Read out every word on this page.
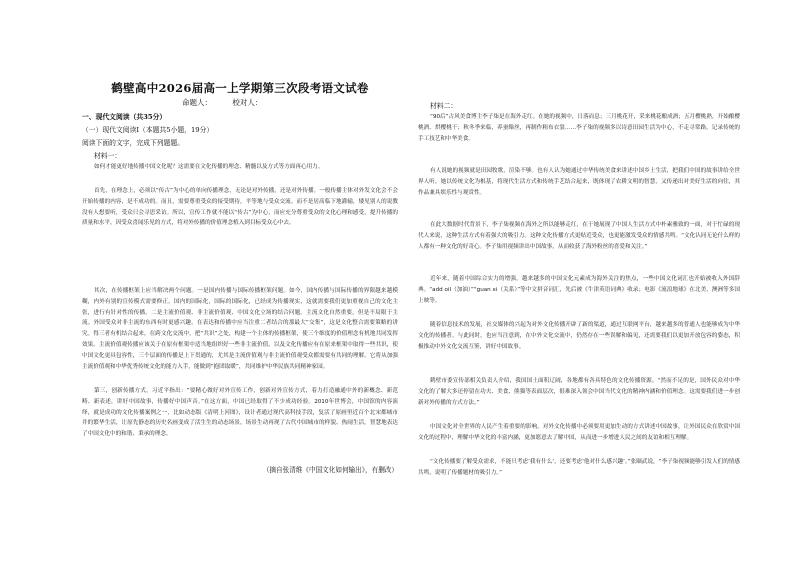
鹤壁高中2026届高一上学期第三次段考语文试卷
命题人：	校对人：
一、现代文阅读（共35分）
（一）现代文阅读Ⅰ（本题共5小题，19分）
阅读下面的文字，完成下列题题。
材料一：
如何才能更好地传播中国文化呢？这需要在文化传播的理念、精髓以及方式等方面再心用力。
首先，在理念上，必须以“传古”为中心的单向传播理念，无论是对外传播，还是对外传播。一般传播主体对外发文化会不会开始传播的内容，是不成功的。而且，需要尊重受众的接受期待，平等地与受众交流。而不是居高临下地灌输，矮见别人的说教没有人想要听，受众只会寻思采访。所以，宣传工作就不能以“传古”为中心，而应充分尊重受众的文化心理和感受，提升传播的质量和水平，因受众喜闻乐见的方式，将对外传播的价值理念植入到目标受众心中去。
其次，在传播框架上应当解决两个问题。一是国内传播与国际传播框架问题。如今，国内传播与国际传播的界限越来越模糊，内外有别的宣传模式需要修正。国内的国际化，国际的国际化，已经成为传播现实，这就需要我们更加重视自己的文化主张，进行有针对性的传播。二是主流价值观、非主流价值观、中国文化立场的结合问题。主流文化自然重要，但是不局限于主流。外国受众对非主流的东西有时更感兴趣，在表达和传播中应当注重二者结合的那最大“交集”，这是文化整合需要策略的讲究。得三者有机结合起来，在跨文化交流中，把“共识”之处，构建一个主体的传播框架，使三个维度的价值理念有机地共同发挥效果。主流价值观传播应该关于在原有框架中适当地组织好一些非主流价值，以及文化传播应有在原来框架中取得一些共识，使中国文化更具包容性，三个层面的传播是上下贯通的，尤其是主流价值观与非主流价值观受众都需要有共同的理解。它将从加强主流价值观和中华优秀传统文化的能力入手，能做到“抱团取暖”，共同维护中华民族共同精神家园。
第三，创新传播方式，习近平指出：“要精心做好对外宣传工作，创新对外宣传方式，着力打造融通中外的新概念、新范畴、新表述，讲好中国故事，传播好中国声音。”在这方面，中国已经取得了不少成功经验。2010年世博会，中国馆的内容演绎，就是成功的文化传播案例之一，比如动态版《清明上河图》，设计者通过现代高科技手段，复活了原画里近百个北宋都城市井的繁华生活，让原先静态的历史名画变成了活生生的动态场景，场景生动再现了古代中国城市的样貌、热闹生活，智慧地表达了中国文化中的和谐、秉承的理念。
（摘自张清维《中国文化如何输出》，有删改）
材料二：
“90后”古风美食博主李子柒是在海外走红。在她的视频中，日落而息；三月桃花开，采来桃花酿成酒；五月樱桃熟，开始酿樱桃酒、烘樱桃干；秋冬季来临，养蚕缫丝，再制作粗布衣裳……李子柒的视频多以诗意田园生活为中心，不走寻常路，记录传统的手工技艺和中华美食。
有人说她的视频就是田园牧歌，渲染不够。也有人认为她通过中华传统美食来讲述中国乡土生活，把我们中国的故事讲给全世界人听。她以传统文化为根基，将现代生活方式和传统手艺结合起来，既体现了农耕文明的智慧，又传递出对美好生活的向往，其作品兼具娱乐性与观赏性。
在此大数据时代背景下，李子柒视频在海外之所以能够走红，在于她展现了中国人生活方式中朴素雅致的一面，对于忙碌的现代人来说，这种生活方式有着强大的吸引力。这种文化传播方式更贴近受众，也更能激发受众的情感共鸣。“文化认同无论什么样的人都有一种文化的好奇心。李子柒用视频讲出中国故事，从而收获了海外粉丝的喜爱和关注。”
近年来，随着中国综合实力的增强，越来越多的中国文化元素成为海外关注的焦点，一些中国文化词汇也开始被收入外国辞典。“add oil（加油）”“guan xi（关系）”等中文拼音词汇，先后被《牛津英语词典》收录；电影《流浪地球》在北美、澳洲等多国上映等。
随着信息技术的发展，社交媒体的兴起为对外文化传播开辟了新的渠道，通过互联网平台，越来越多的普通人也能够成为中华文化的传播者。与此同时，也应当注意到，在中外文化交流中，仍然存在一些误解和偏见，还需要我们以更加开放包容的姿态，积极推动中外文化交流互鉴，讲好中国故事。
鹤壁市委宣传部相关负责人介绍，我国国土面积辽阔，各地都有各具特色的文化传播资源。“然而不足的是，国外民众对中华文化的了解大多还停留在功夫、美食、熊猫等表面层次，很难深入领会中国当代文化的精神内涵和价值理念。这需要我们进一步创新对外传播的方式方法。”
中国文化对全世界的人民产生着重要的影响，对外文化传播中必须要用更加生动的方式讲述中国故事，让外国民众在欣赏中国文化的过程中，理解中华文化的丰富内涵，更加愿意去了解中国，从而进一步增进人民之间的友谊和相互理解。
“文化传播要了解受众需求，不能只考虑‘我有什么’，还要考虑‘他对什么感兴趣’。”张颐武说，“李子柒视频能够引发人们的情感共鸣，说明了传播题材的吸引力。”
